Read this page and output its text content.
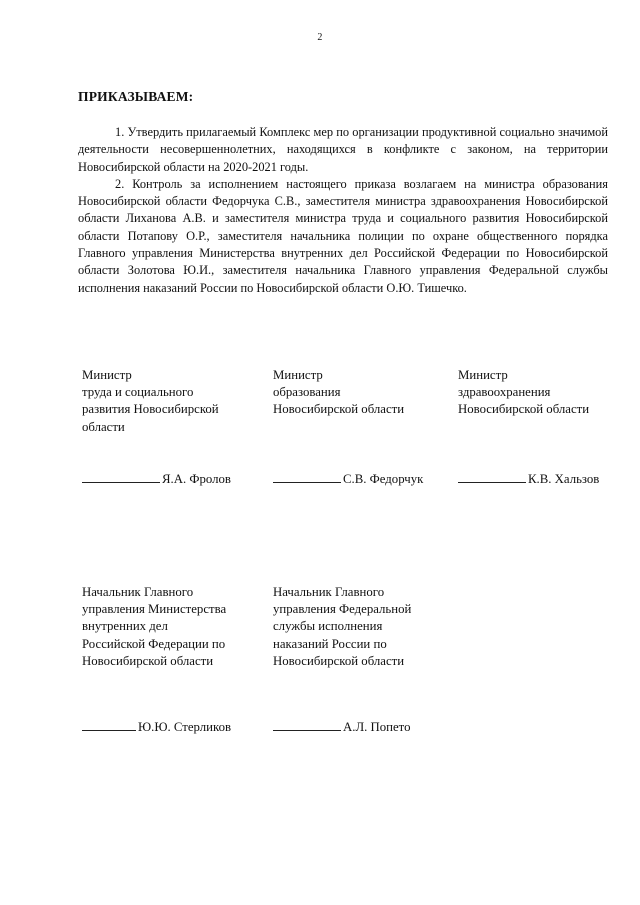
2
ПРИКАЗЫВАЕМ:

1. Утвердить прилагаемый Комплекс мер по организации продуктивной социально значимой деятельности несовершеннолетних, находящихся в конфликте с законом, на территории Новосибирской области на 2020-2021 годы.

2. Контроль за исполнением настоящего приказа возлагаем на министра образования Новосибирской области Федорчука С.В., заместителя министра здравоохранения Новосибирской области Лиханова А.В. и заместителя министра труда и социального развития Новосибирской области Потапову О.Р., заместителя начальника полиции по охране общественного порядка Главного управления Министерства внутренних дел Российской Федерации по Новосибирской области Золотова Ю.И., заместителя начальника Главного управления Федеральной службы исполнения наказаний России по Новосибирской области О.Ю. Тишечко.

Министр
труда и социального
развития Новосибирской
области
Я.А. Фролов
Министр
образования
Новосибирской области
С.В. Федорчук
Министр
здравоохранения
Новосибирской области
К.В. Хальзов
Начальник Главного
управления Министерства
внутренних дел
Российской Федерации по
Новосибирской области
Ю.Ю. Стерликов
Начальник Главного
управления Федеральной
службы исполнения
наказаний России по
Новосибирской области
А.Л. Попето
